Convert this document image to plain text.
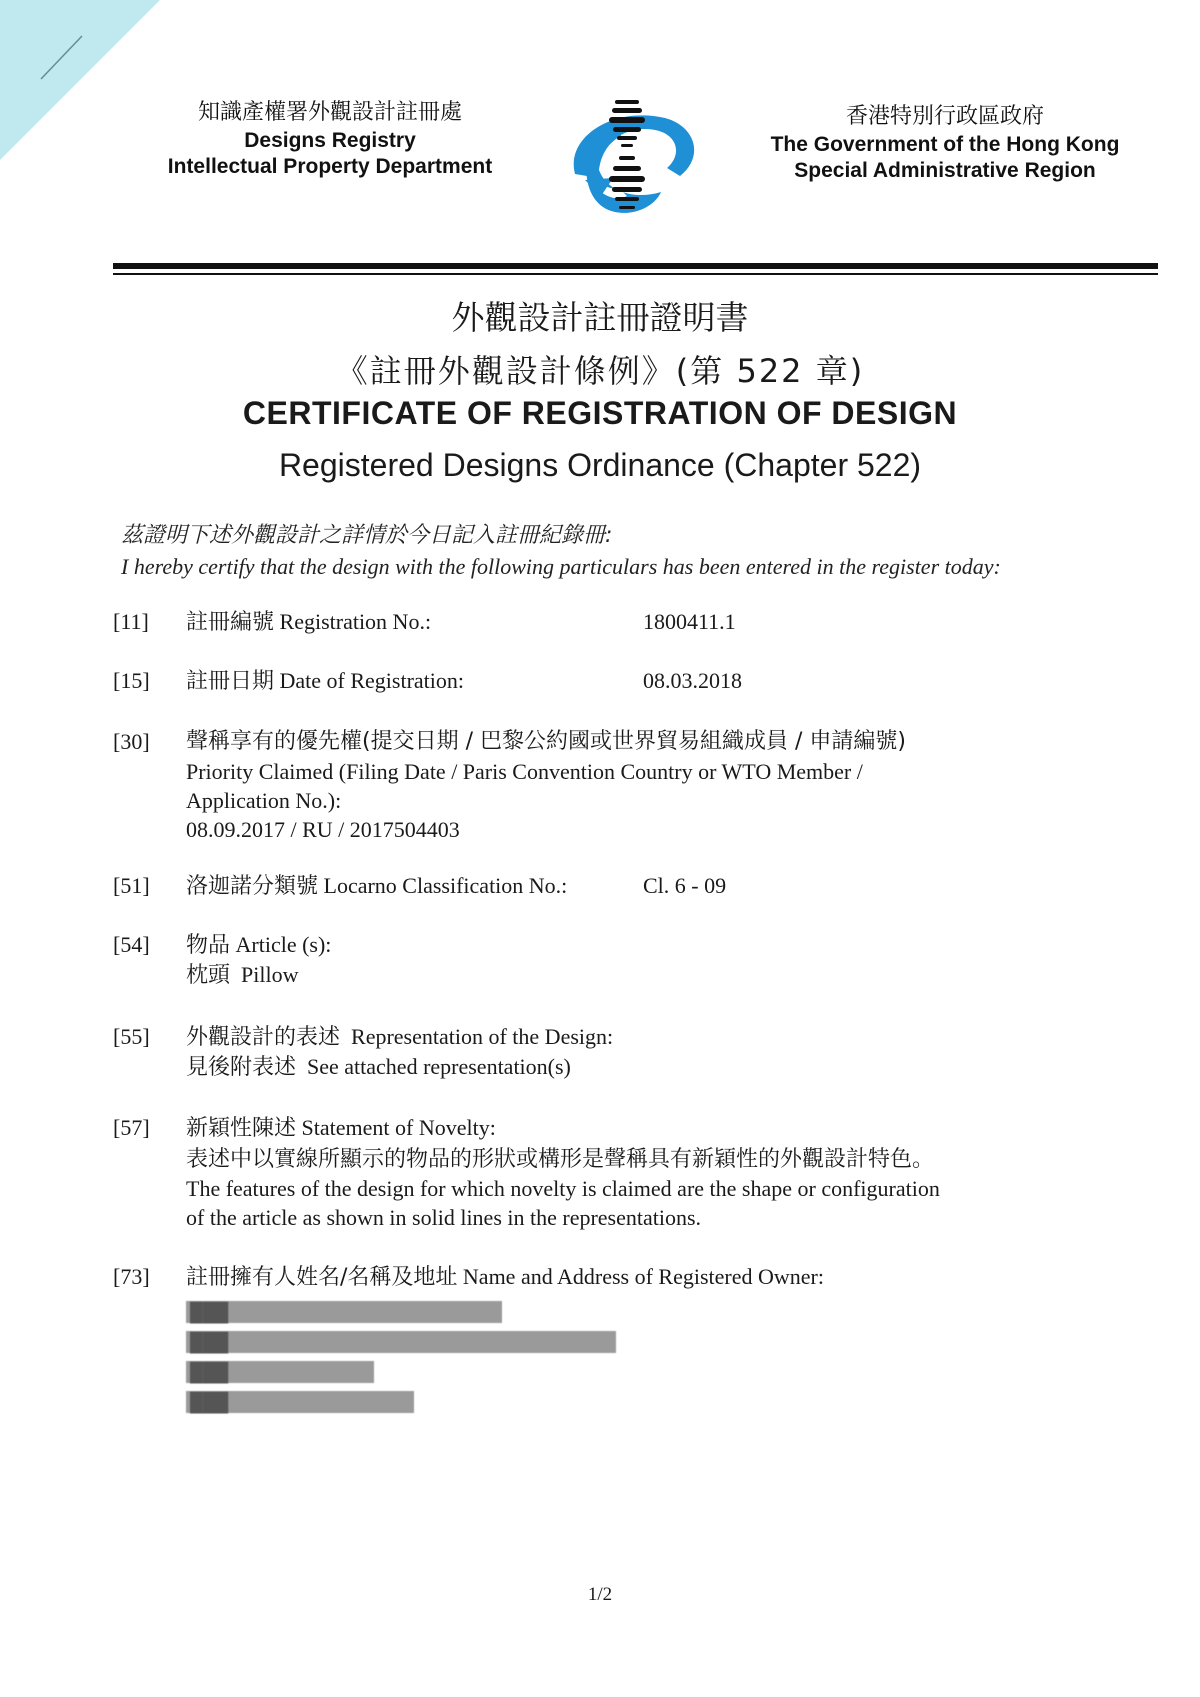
知識產權署外觀設計註冊處
Designs Registry
Intellectual Property Department
香港特別行政區政府
The Government of the Hong Kong
Special Administrative Region
外觀設計註冊證明書
《註冊外觀設計條例》(第 522 章)
CERTIFICATE OF REGISTRATION OF DESIGN
Registered Designs Ordinance (Chapter 522)
茲證明下述外觀設計之詳情於今日記入註冊紀錄冊:
I hereby certify that the design with the following particulars has been entered in the register today:
[11] 註冊編號 Registration No.:	1800411.1
[15] 註冊日期 Date of Registration:	08.03.2018
[30] 聲稱享有的優先權(提交日期 / 巴黎公約國或世界貿易組織成員 / 申請編號)
Priority Claimed (Filing Date / Paris Convention Country or WTO Member /
Application No.):
08.09.2017 / RU / 2017504403
[51] 洛迦諾分類號 Locarno Classification No.:	Cl. 6 - 09
[54] 物品 Article (s):
枕頭 Pillow
[55] 外觀設計的表述 Representation of the Design:
見後附表述 See attached representation(s)
[57] 新穎性陳述 Statement of Novelty:
表述中以實線所顯示的物品的形狀或構形是聲稱具有新穎性的外觀設計特色。
The features of the design for which novelty is claimed are the shape or configuration
of the article as shown in solid lines in the representations.
[73] 註冊擁有人姓名/名稱及地址 Name and Address of Registered Owner:
███
███
███
███
1/2
